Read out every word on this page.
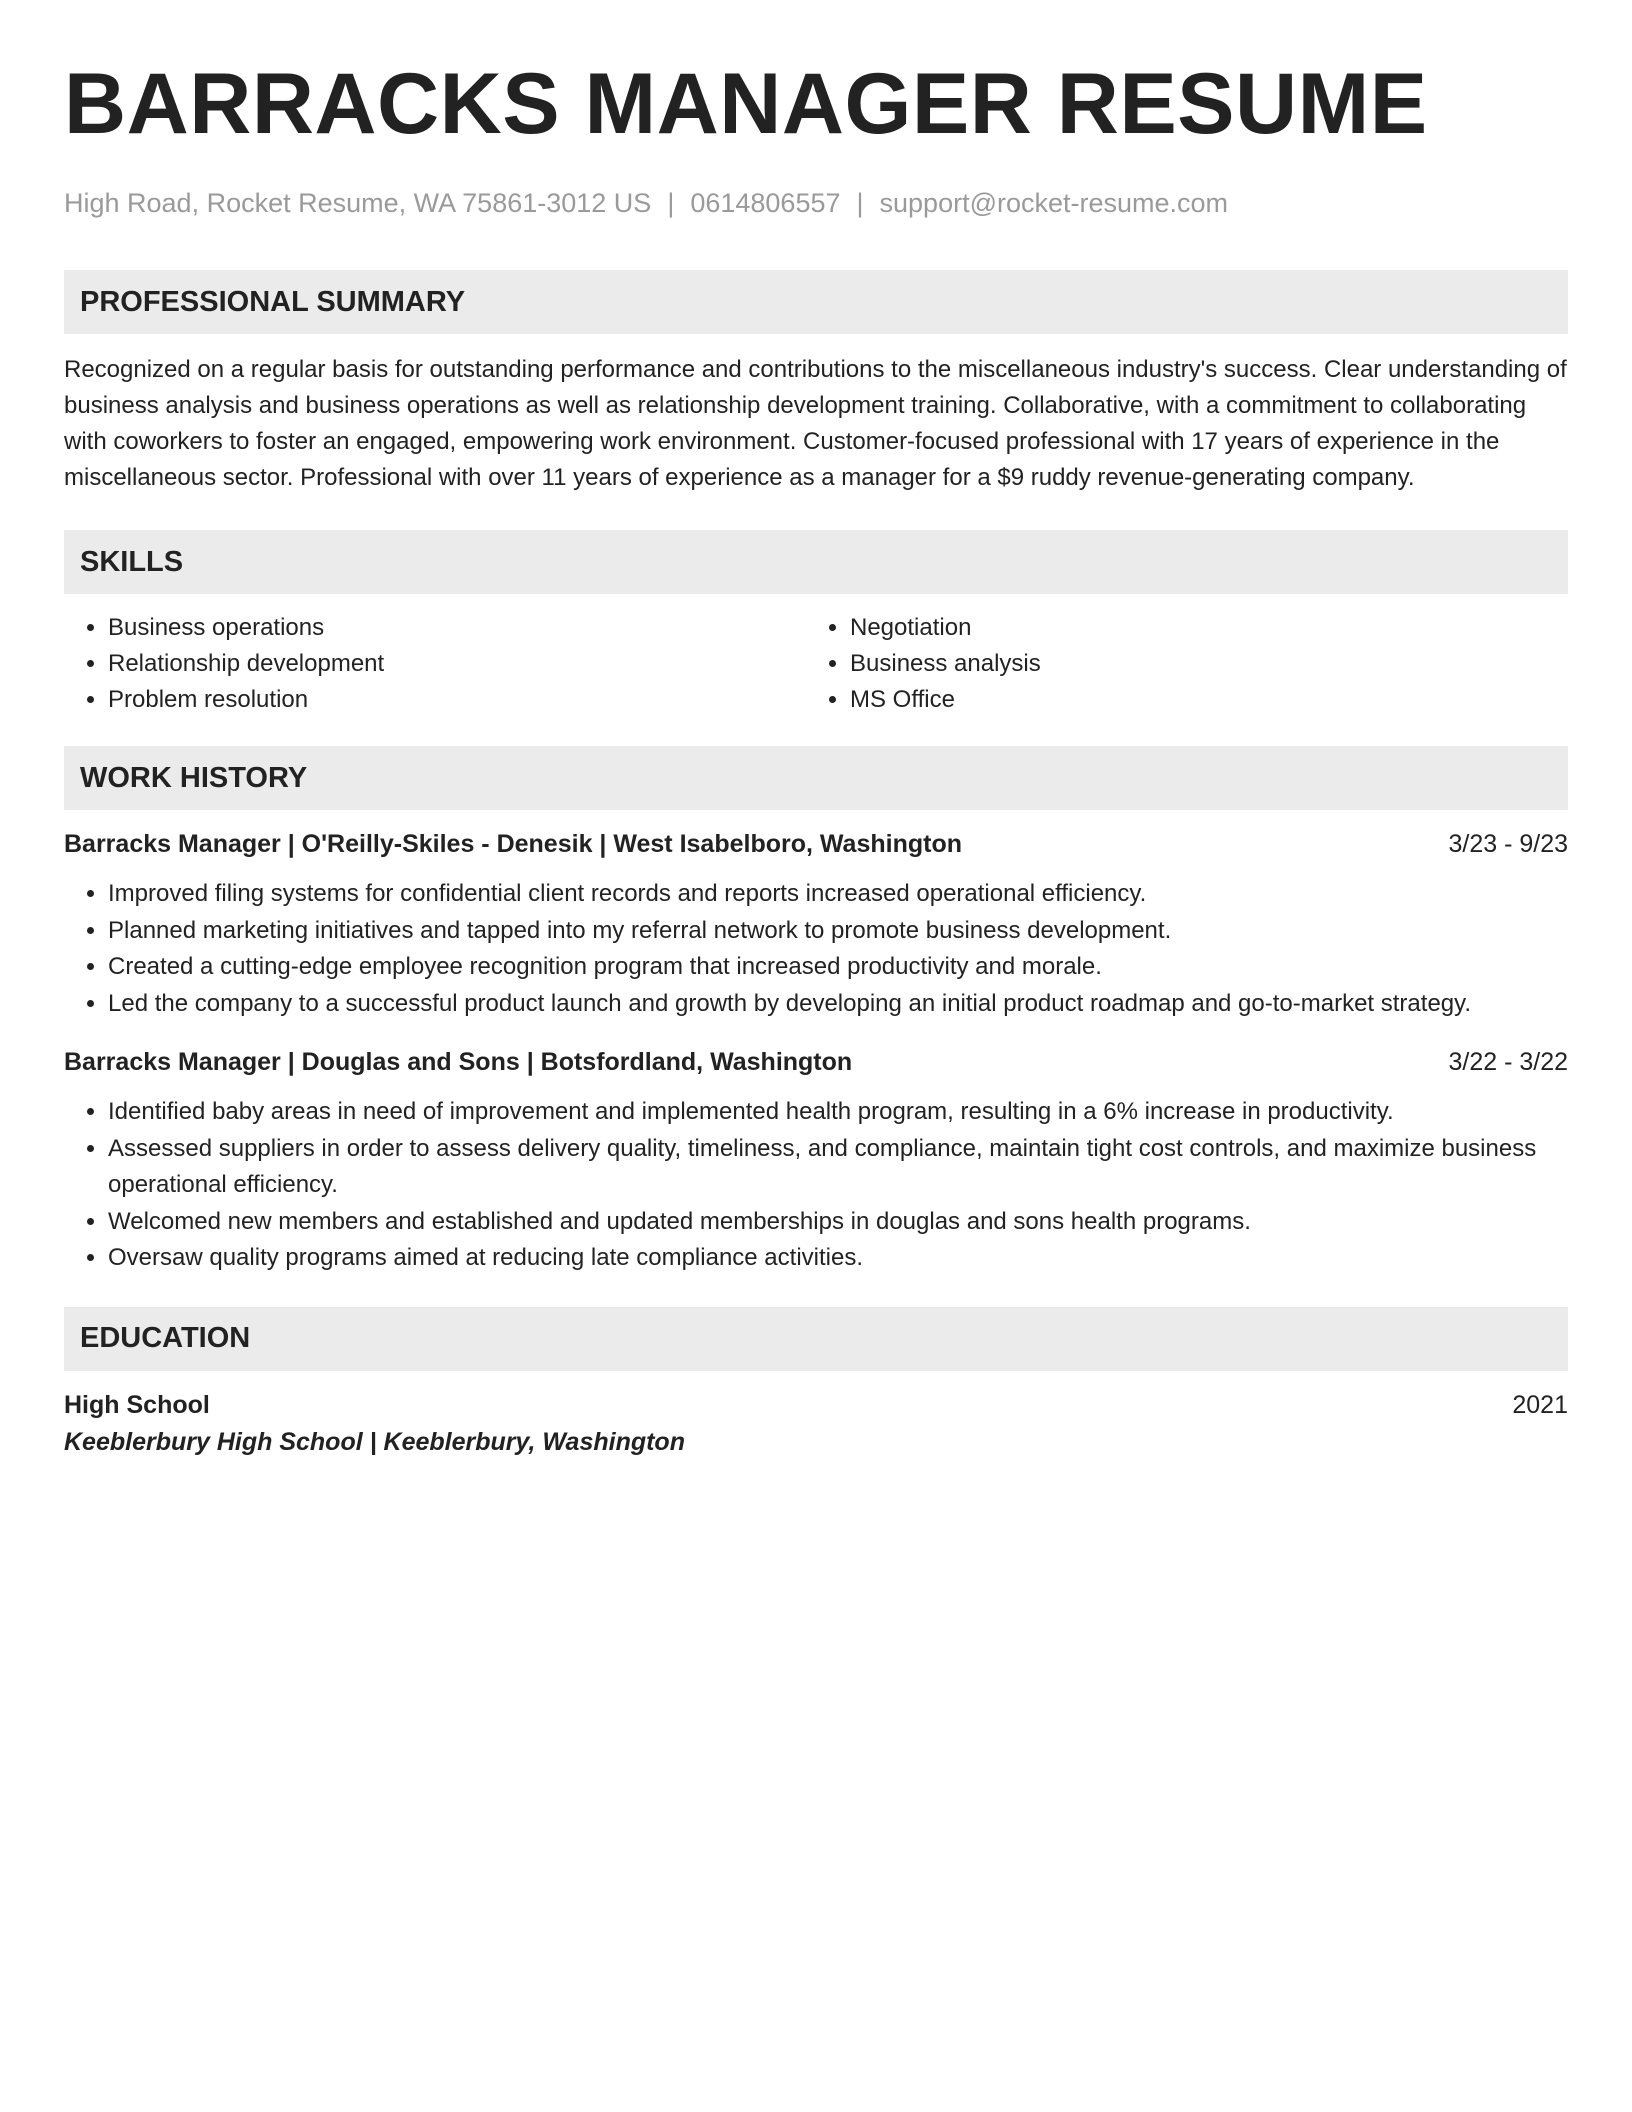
BARRACKS MANAGER RESUME
High Road, Rocket Resume, WA 75861-3012 US | 0614806557 | support@rocket-resume.com
PROFESSIONAL SUMMARY

Recognized on a regular basis for outstanding performance and contributions to the miscellaneous industry's success. Clear understanding of business analysis and business operations as well as relationship development training. Collaborative, with a commitment to collaborating with coworkers to foster an engaged, empowering work environment. Customer-focused professional with 17 years of experience in the miscellaneous sector. Professional with over 11 years of experience as a manager for a $9 ruddy revenue-generating company.

SKILLS
• Business operations
• Relationship development
• Problem resolution
• Negotiation
• Business analysis
• MS Office
WORK HISTORY
Barracks Manager | O'Reilly-Skiles - Denesik | West Isabelboro, Washington	3/23 - 9/23
• Improved filing systems for confidential client records and reports increased operational efficiency.
• Planned marketing initiatives and tapped into my referral network to promote business development.
• Created a cutting-edge employee recognition program that increased productivity and morale.
• Led the company to a successful product launch and growth by developing an initial product roadmap and go-to-market strategy.
Barracks Manager | Douglas and Sons | Botsfordland, Washington	3/22 - 3/22
• Identified baby areas in need of improvement and implemented health program, resulting in a 6% increase in productivity.
• Assessed suppliers in order to assess delivery quality, timeliness, and compliance, maintain tight cost controls, and maximize business operational efficiency.
• Welcomed new members and established and updated memberships in douglas and sons health programs.
• Oversaw quality programs aimed at reducing late compliance activities.
EDUCATION
High School	2021
Keeblerbury High School | Keeblerbury, Washington
